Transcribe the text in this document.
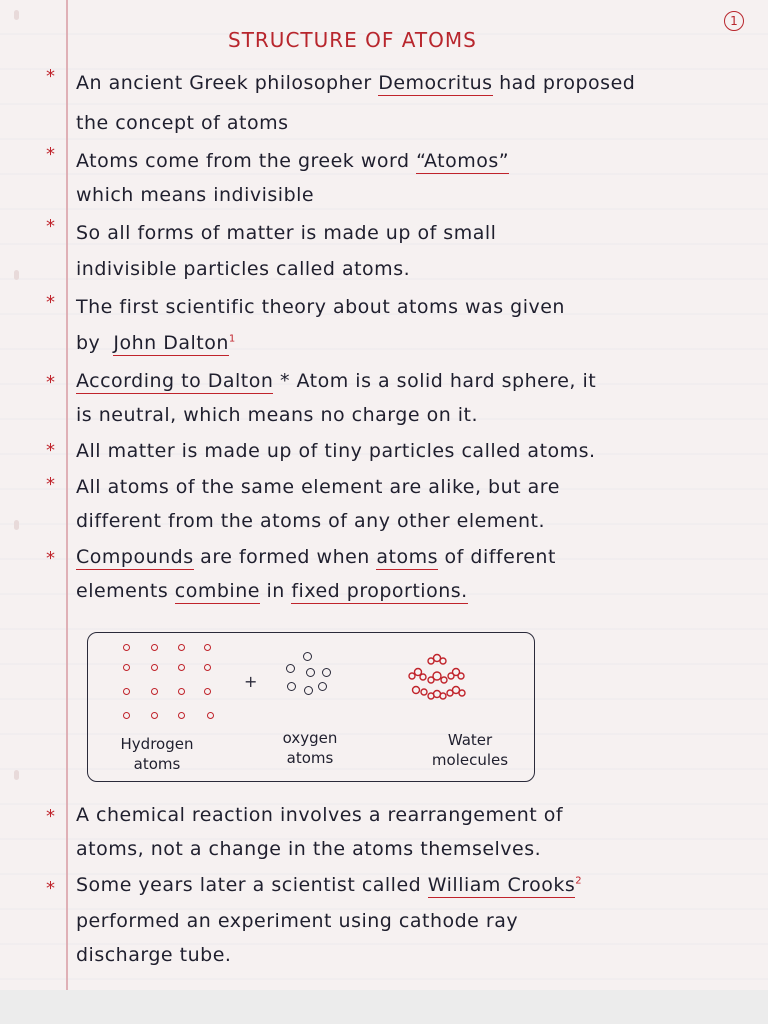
STRUCTURE OF ATOMS
1
* An ancient Greek philosopher Democritus had proposed
the concept of atoms
* Atoms come from the greek word “Atomos”
which means indivisible
* So all forms of matter is made up of small
indivisible particles called atoms.
* The first scientific theory about atoms was given
by  John Dalton$^1$
* According to Dalton * Atom is a solid hard sphere, it
is neutral, which means no charge on it.
* All matter is made up of tiny particles called atoms.
* All atoms of the same element are alike, but are
different from the atoms of any other element.
* Compounds are formed when atoms of different
elements combine in fixed proportions.
+
Hydrogen
atoms
oxygen
atoms
Water
molecules
* A chemical reaction involves a rearrangement of
atoms, not a change in the atoms themselves.
* Some years later a scientist called William Crooks$^2$
performed an experiment using cathode ray
discharge tube.
